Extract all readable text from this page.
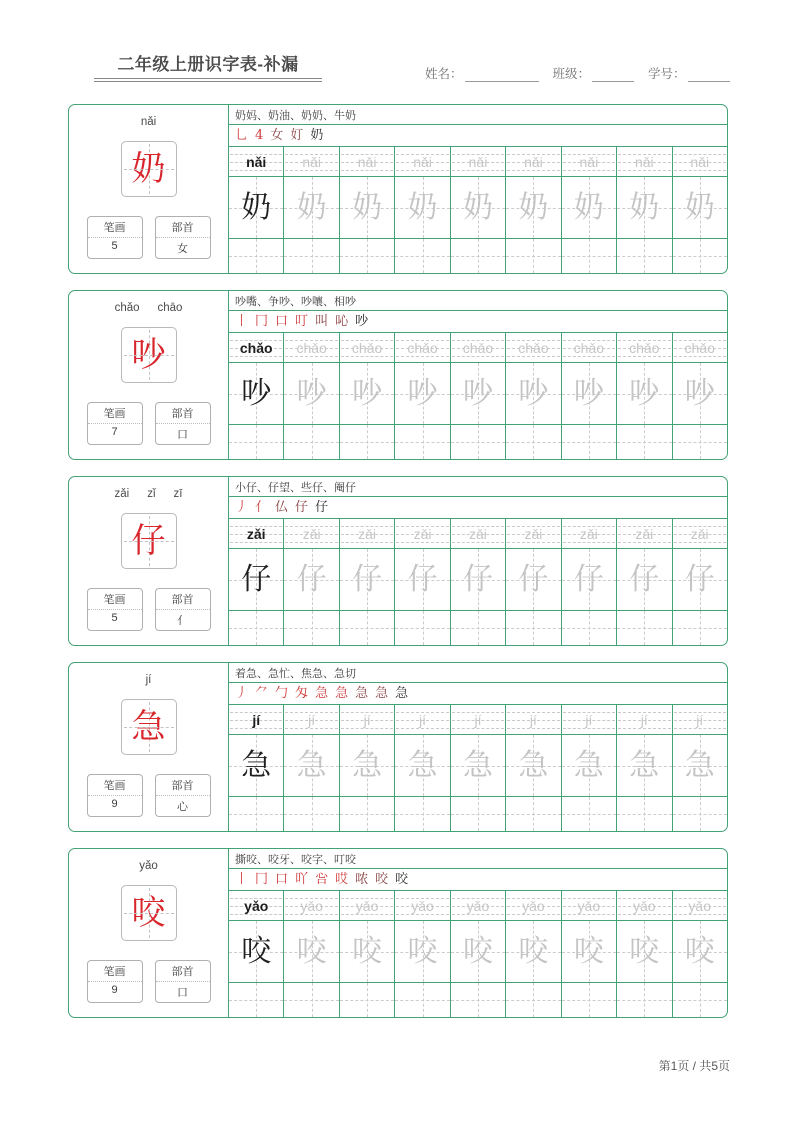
二年级上册识字表-补漏	姓名：	班级：	学号：
nǎi
奶
笔画
5
部首
女
奶妈、奶油、奶奶、牛奶
乚 4 女 奵 奶
nǎi	nǎi	nǎi	nǎi	nǎi	nǎi	nǎi	nǎi	nǎi
奶 奶 奶 奶 奶 奶 奶 奶 奶
chǎo chāo
吵
笔画
7
部首
口
吵嘴、争吵、吵嚷、相吵
丨 冂 口 叮 叫 吣 吵
chǎo chǎo chǎo chǎo chǎo chǎo chǎo chǎo chǎo
吵 吵 吵 吵 吵 吵 吵 吵 吵
zǎi zǐ zī
仔
笔画
5
部首
亻
小仔、仔望、些仔、阉仔
丿 亻 仏 仔 仔
zǎi	zǎi	zǎi	zǎi	zǎi	zǎi	zǎi	zǎi	zǎi
仔 仔 仔 仔 仔 仔 仔 仔 仔
jí
急
笔画
9
部首
心
着急、急忙、焦急、急切
丿 ⺈ 勹 匁 急 急 急 急 急
jí	jí	jí	jí	jí	jí	jí	jí	jí
急 急 急 急 急 急 急 急 急
yǎo
咬
笔画
9
部首
口
撕咬、咬牙、咬字、叮咬
丨 冂 口 吖 吢 哎 哝 咬 咬
yǎo yǎo yǎo yǎo yǎo yǎo yǎo yǎo yǎo
咬 咬 咬 咬 咬 咬 咬 咬 咬
第1页 / 共5页
